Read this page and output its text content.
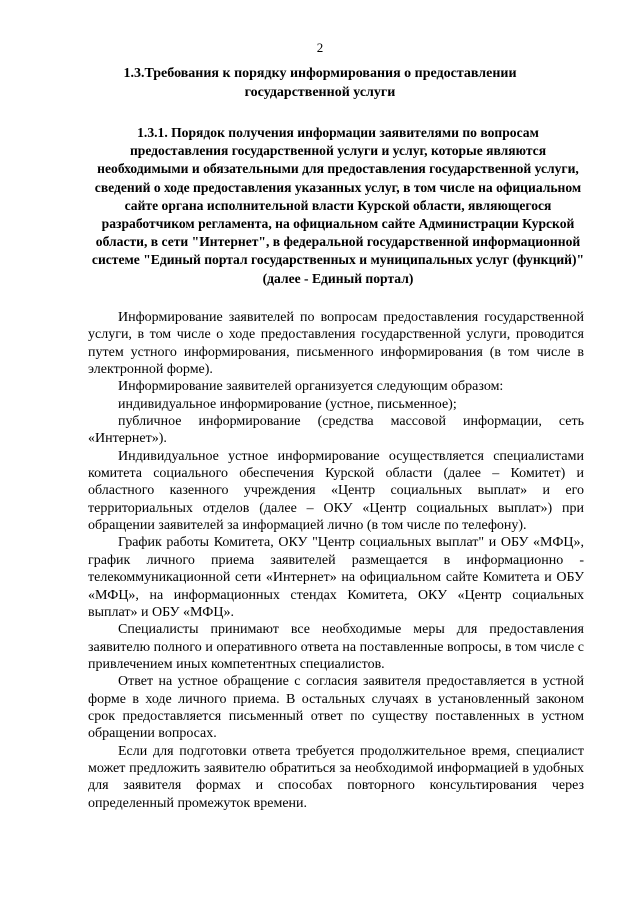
2
1.3.Требования к порядку информирования о предоставлении государственной услуги
1.3.1. Порядок получения информации заявителями по вопросам предоставления государственной услуги и услуг, которые являются необходимыми и обязательными для предоставления государственной услуги, сведений о ходе предоставления указанных услуг, в том числе на официальном сайте органа исполнительной власти Курской области, являющегося разработчиком регламента, на официальном сайте Администрации Курской области, в сети "Интернет", в федеральной государственной информационной системе "Единый портал государственных и муниципальных услуг (функций)" (далее - Единый портал)

Информирование заявителей по вопросам предоставления государственной услуги, в том числе о ходе предоставления государственной услуги, проводится путем устного информирования, письменного информирования (в том числе в электронной форме).

Информирование заявителей организуется следующим образом:

индивидуальное информирование (устное, письменное);

публичное информирование (средства массовой информации, сеть «Интернет»).

Индивидуальное устное информирование осуществляется специалистами комитета социального обеспечения Курской области (далее – Комитет) и областного казенного учреждения «Центр социальных выплат» и его территориальных отделов (далее – ОКУ «Центр социальных выплат») при обращении заявителей за информацией лично (в том числе по телефону).

График работы Комитета, ОКУ "Центр социальных выплат" и ОБУ «МФЦ», график личного приема заявителей размещается в информационно - телекоммуникационной сети «Интернет» на официальном сайте Комитета и ОБУ «МФЦ», на информационных стендах Комитета, ОКУ «Центр социальных выплат» и ОБУ «МФЦ».

Специалисты принимают все необходимые меры для предоставления заявителю полного и оперативного ответа на поставленные вопросы, в том числе с привлечением иных компетентных специалистов.

Ответ на устное обращение с согласия заявителя предоставляется в устной форме в ходе личного приема. В остальных случаях в установленный законом срок предоставляется письменный ответ по существу поставленных в устном обращении вопросах.

Если для подготовки ответа требуется продолжительное время, специалист может предложить заявителю обратиться за необходимой информацией в удобных для заявителя формах и способах повторного консультирования через определенный промежуток времени.
